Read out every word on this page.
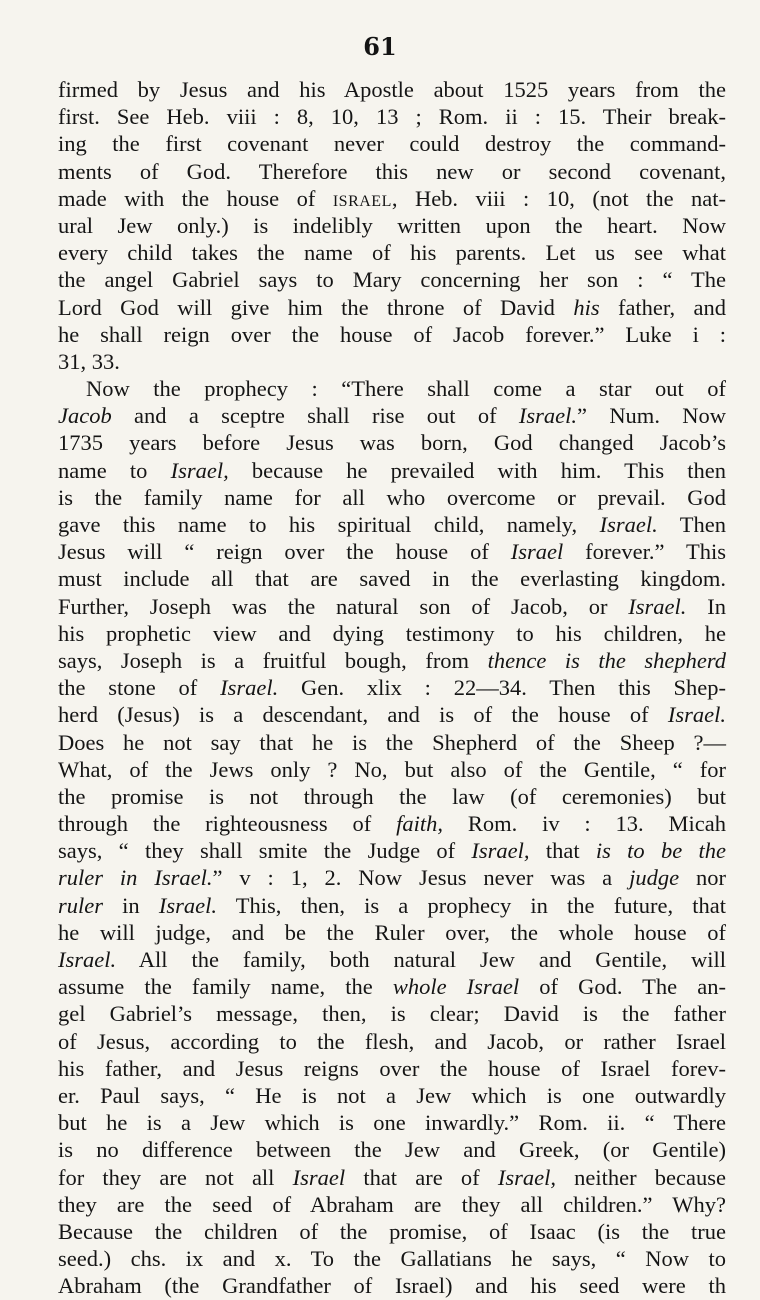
61
firmed by Jesus and his Apostle about 1525 years from the
first. See Heb. viii : 8, 10, 13 ; Rom. ii : 15. Their break-
ing the first covenant never could destroy the command-
ments of God. Therefore this new or second covenant,
made with the house of israel, Heb. viii : 10, (not the nat-
ural Jew only.) is indelibly written upon the heart. Now
every child takes the name of his parents. Let us see what
the angel Gabriel says to Mary concerning her son : “ The
Lord God will give him the throne of David his father, and
he shall reign over the house of Jacob forever.” Luke i :
31, 33.
Now the prophecy : “There shall come a star out of
Jacob and a sceptre shall rise out of Israel.” Num. Now
1735 years before Jesus was born, God changed Jacob’s
name to Israel, because he prevailed with him. This then
is the family name for all who overcome or prevail. God
gave this name to his spiritual child, namely, Israel. Then
Jesus will “ reign over the house of Israel forever.” This
must include all that are saved in the everlasting kingdom.
Further, Joseph was the natural son of Jacob, or Israel. In
his prophetic view and dying testimony to his children, he
says, Joseph is a fruitful bough, from thence is the shepherd
the stone of Israel. Gen. xlix : 22—34. Then this Shep-
herd (Jesus) is a descendant, and is of the house of Israel.
Does he not say that he is the Shepherd of the Sheep ?—
What, of the Jews only ? No, but also of the Gentile, “ for
the promise is not through the law (of ceremonies) but
through the righteousness of faith, Rom. iv : 13. Micah
says, “ they shall smite the Judge of Israel, that is to be the
ruler in Israel.” v : 1, 2. Now Jesus never was a judge nor
ruler in Israel. This, then, is a prophecy in the future, that
he will judge, and be the Ruler over, the whole house of
Israel. All the family, both natural Jew and Gentile, will
assume the family name, the whole Israel of God. The an-
gel Gabriel’s message, then, is clear; David is the father
of Jesus, according to the flesh, and Jacob, or rather Israel
his father, and Jesus reigns over the house of Israel forev-
er. Paul says, “ He is not a Jew which is one outwardly
but he is a Jew which is one inwardly.” Rom. ii. “ There
is no difference between the Jew and Greek, (or Gentile)
for they are not all Israel that are of Israel, neither because
they are the seed of Abraham are they all children.” Why?
Because the children of the promise, of Isaac (is the true
seed.) chs. ix and x. To the Gallatians he says, “ Now to
Abraham (the Grandfather of Israel) and his seed were th
